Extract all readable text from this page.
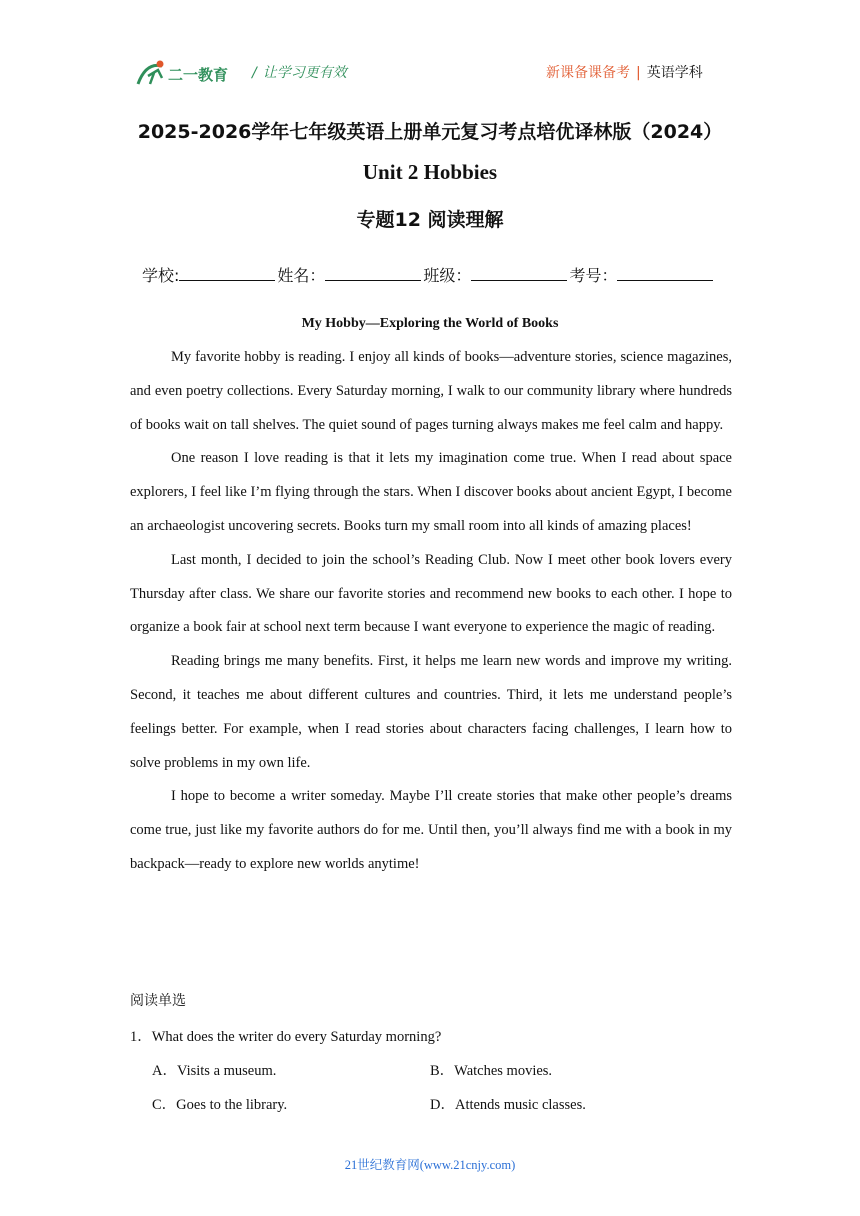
二一教育 / 让学习更有效	新课备课备考 | 英语学科
2025-2026学年七年级英语上册单元复习考点培优译林版（2024）
Unit 2 Hobbies
专题12 阅读理解
学校:	姓名：	班级：	考号：
My Hobby—Exploring the World of Books

My favorite hobby is reading. I enjoy all kinds of books—adventure stories, science magazines, and even poetry collections. Every Saturday morning, I walk to our community library where hundreds of books wait on tall shelves. The quiet sound of pages turning always makes me feel calm and happy.

One reason I love reading is that it lets my imagination come true. When I read about space explorers, I feel like I’m flying through the stars. When I discover books about ancient Egypt, I become an archaeologist uncovering secrets. Books turn my small room into all kinds of amazing places!

Last month, I decided to join the school’s Reading Club. Now I meet other book lovers every Thursday after class. We share our favorite stories and recommend new books to each other. I hope to organize a book fair at school next term because I want everyone to experience the magic of reading.

Reading brings me many benefits. First, it helps me learn new words and improve my writing. Second, it teaches me about different cultures and countries. Third, it lets me understand people’s feelings better. For example, when I read stories about characters facing challenges, I learn how to solve problems in my own life.

I hope to become a writer someday. Maybe I’ll create stories that make other people’s dreams come true, just like my favorite authors do for me. Until then, you’ll always find me with a book in my backpack—ready to explore new worlds anytime!

阅读单选
1．What does the writer do every Saturday morning?
A．Visits a museum.	B．Watches movies.
C．Goes to the library.	D．Attends music classes.
21世纪教育网(www.21cnjy.com)
